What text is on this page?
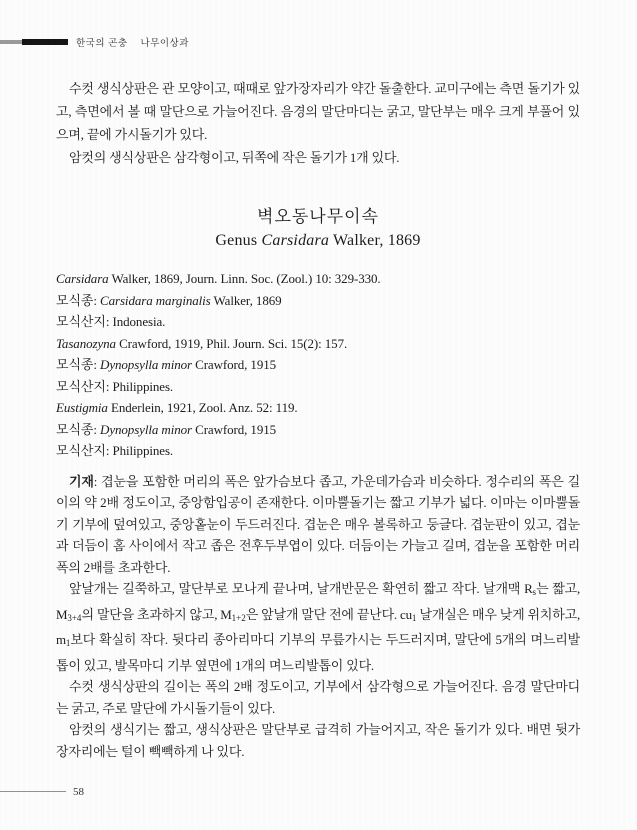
한국의 곤충 나무이상과
수컷 생식상판은 관 모양이고, 때때로 앞가장자리가 약간 돌출한다. 교미구에는 측면 돌기가 있고, 측면에서 볼 때 말단으로 가늘어진다. 음경의 말단마디는 굵고, 말단부는 매우 크게 부풀어 있으며, 끝에 가시돌기가 있다.
암컷의 생식상판은 삼각형이고, 뒤쪽에 작은 돌기가 1개 있다.
벽오동나무이속
Genus Carsidara Walker, 1869
Carsidara Walker, 1869, Journ. Linn. Soc. (Zool.) 10: 329-330.
모식종: Carsidara marginalis Walker, 1869
모식산지: Indonesia.
Tasanozyna Crawford, 1919, Phil. Journ. Sci. 15(2): 157.
모식종: Dynopsylla minor Crawford, 1915
모식산지: Philippines.
Eustigmia Enderlein, 1921, Zool. Anz. 52: 119.
모식종: Dynopsylla minor Crawford, 1915
모식산지: Philippines.
기재: 겹눈을 포함한 머리의 폭은 앞가슴보다 좁고, 가운데가슴과 비슷하다. 정수리의 폭은 길이의 약 2배 정도이고, 중앙함입공이 존재한다. 이마뿔돌기는 짧고 기부가 넓다. 이마는 이마뿔돌기 기부에 덮여있고, 중앙홑눈이 두드러진다. 겹눈은 매우 볼록하고 둥글다. 겹눈판이 있고, 겹눈과 더듬이 홈 사이에서 작고 좁은 전후두부엽이 있다. 더듬이는 가늘고 길며, 겹눈을 포함한 머리 폭의 2배를 초과한다.
앞날개는 길쭉하고, 말단부로 모나게 끝나며, 날개반문은 확연히 짧고 작다. 날개맥 Rs는 짧고, M3+4의 말단을 초과하지 않고, M1+2은 앞날개 말단 전에 끝난다. cu1 날개실은 매우 낮게 위치하고, m1보다 확실히 작다. 뒷다리 종아리마디 기부의 무릎가시는 두드러지며, 말단에 5개의 며느리발톱이 있고, 발목마디 기부 옆면에 1개의 며느리발톱이 있다.
수컷 생식상판의 길이는 폭의 2배 정도이고, 기부에서 삼각형으로 가늘어진다. 음경 말단마디는 굵고, 주로 말단에 가시돌기들이 있다.
암컷의 생식기는 짧고, 생식상판은 말단부로 급격히 가늘어지고, 작은 돌기가 있다. 배면 뒷가장자리에는 털이 빽빽하게 나 있다.
58
